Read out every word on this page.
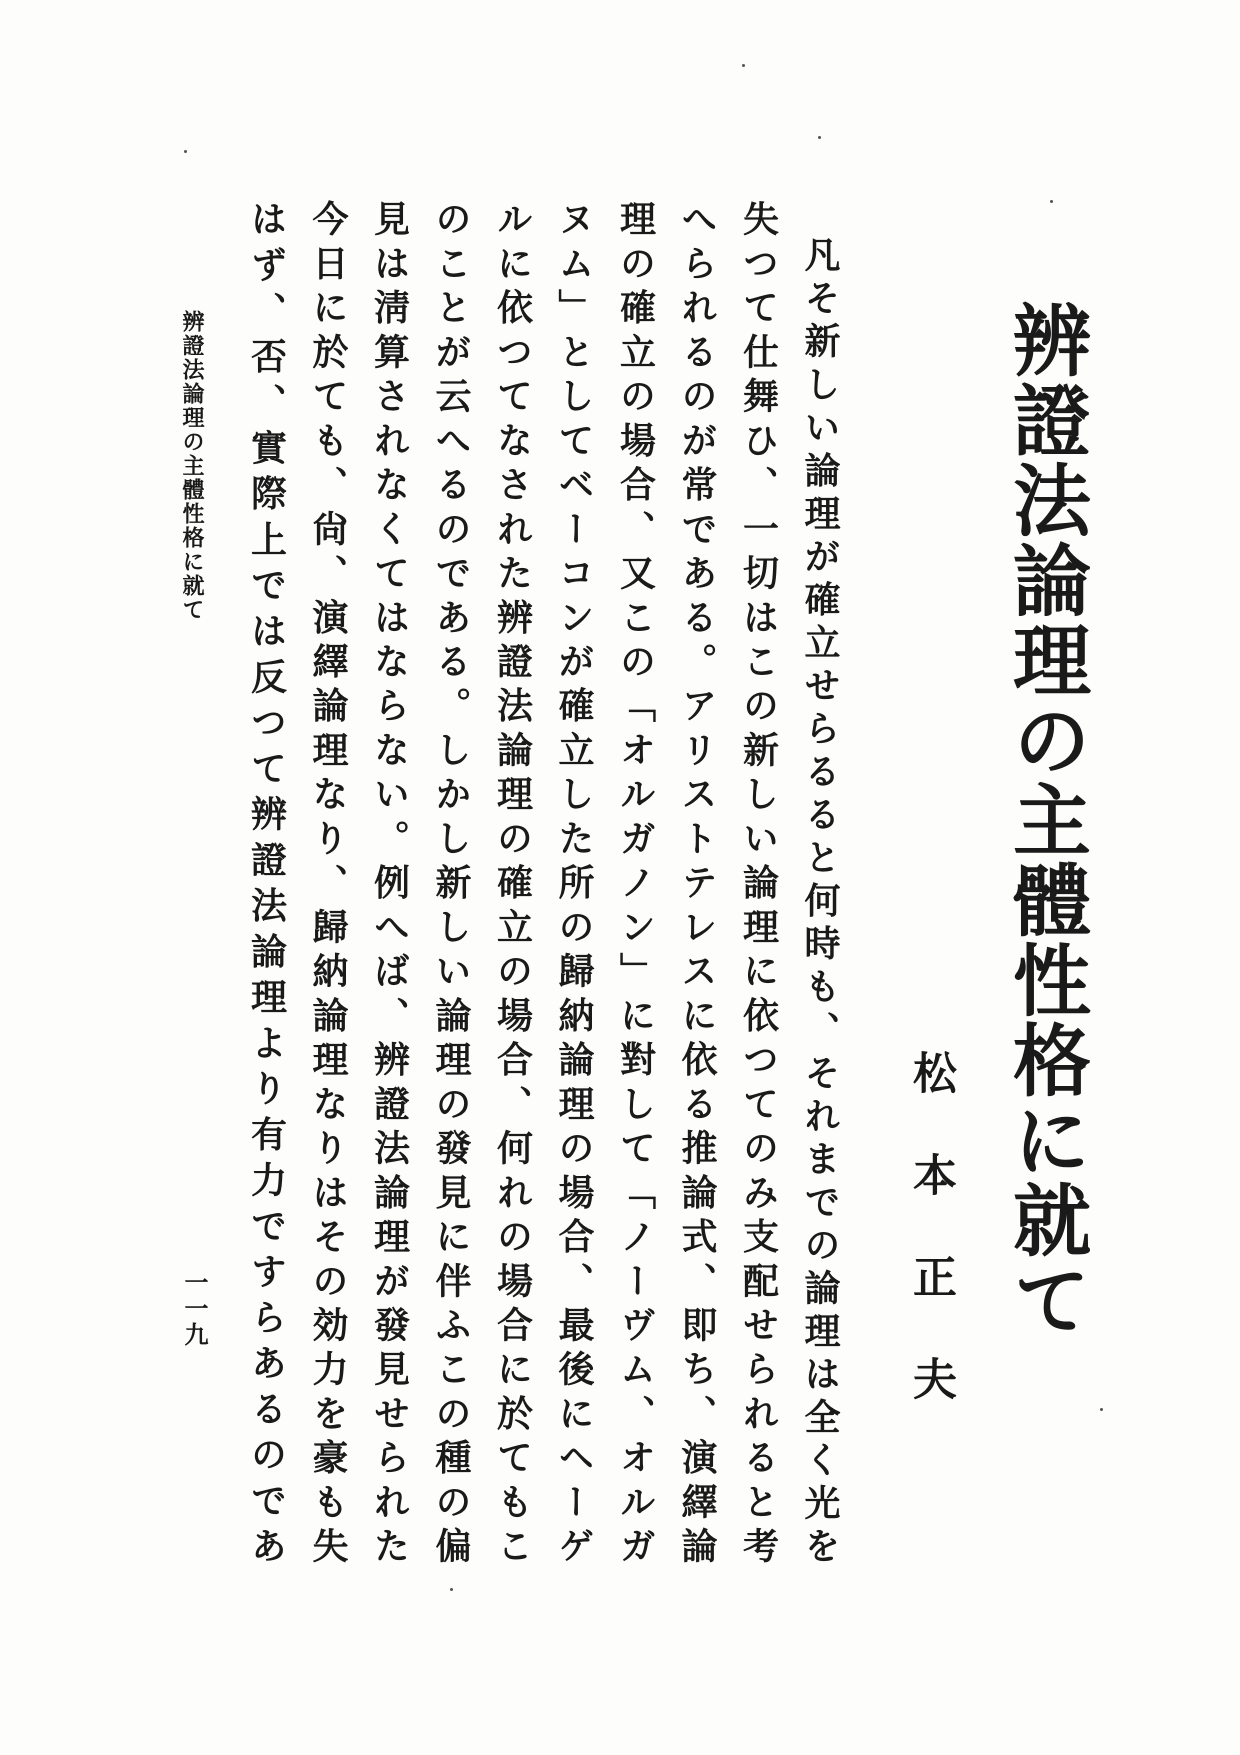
辨證法論理の主體性格に就て
松本正夫

凡そ新しい論理が確立せらるると何時も、それまでの論理は全く光を失つて仕舞ひ、一切はこの新しい論理に依つてのみ支配せられると考へられるのが常である。アリストテレスに依る推論式、即ち、演繹論理の確立の場合、又この「オルガノン」に對して「ノーヴム、オルガヌム」としてベーコンが確立した所の歸納論理の場合、最後にヘーゲルに依つてなされた辨證法論理の確立の場合、何れの場合に於てもこのことが云へるのである。しかし新しい論理の發見に伴ふこの種の偏見は淸算されなくてはならない。例へば、辨證法論理が發見せられた今日に於ても、尙、演繹論理なり、歸納論理なりはその効力を豪も失はず、否、實際上では反つて辨證法論理より有力ですらあるのであ

辨證法論理の主體性格に就て
一一九
